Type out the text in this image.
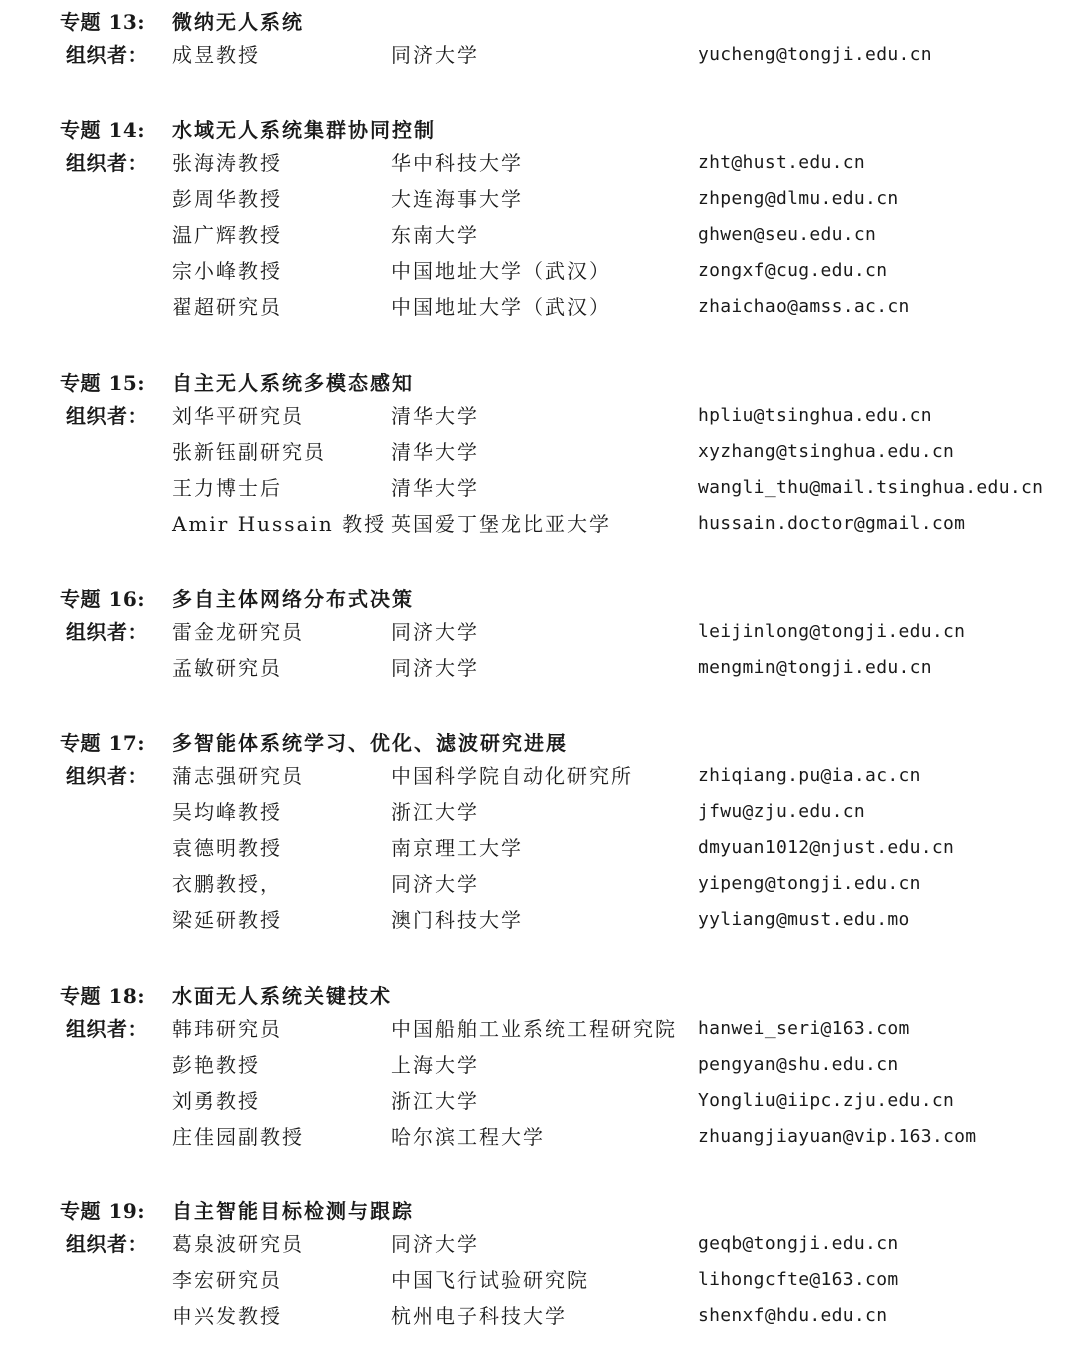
专题 13: 微纳无人系统
组织者： 成昱教授	同济大学	yucheng@tongji.edu.cn
专题 14: 水域无人系统集群协同控制
组织者： 张海涛教授	华中科技大学	zht@hust.edu.cn
彭周华教授	大连海事大学	zhpeng@dlmu.edu.cn
温广辉教授	东南大学	ghwen@seu.edu.cn
宗小峰教授	中国地址大学（武汉）	zongxf@cug.edu.cn
翟超研究员	中国地址大学（武汉）	zhaichao@amss.ac.cn
专题 15: 自主无人系统多模态感知
组织者： 刘华平研究员	清华大学	hpliu@tsinghua.edu.cn
张新钰副研究员	清华大学	xyzhang@tsinghua.edu.cn
王力博士后	清华大学	wangli_thu@mail.tsinghua.edu.cn
Amir Hussain 教授 英国爱丁堡龙比亚大学	hussain.doctor@gmail.com
专题 16: 多自主体网络分布式决策
组织者： 雷金龙研究员	同济大学	leijinlong@tongji.edu.cn
孟敏研究员	同济大学	mengmin@tongji.edu.cn
专题 17: 多智能体系统学习、优化、滤波研究进展
组织者： 蒲志强研究员	中国科学院自动化研究所	zhiqiang.pu@ia.ac.cn
吴均峰教授	浙江大学	jfwu@zju.edu.cn
袁德明教授	南京理工大学	dmyuan1012@njust.edu.cn
衣鹏教授，	同济大学	yipeng@tongji.edu.cn
梁延研教授	澳门科技大学	yyliang@must.edu.mo
专题 18: 水面无人系统关键技术
组织者： 韩玮研究员	中国船舶工业系统工程研究院 hanwei_seri@163.com
彭艳教授	上海大学	pengyan@shu.edu.cn
刘勇教授	浙江大学	Yongliu@iipc.zju.edu.cn
庄佳园副教授	哈尔滨工程大学	zhuangjiayuan@vip.163.com
专题 19: 自主智能目标检测与跟踪
组织者： 葛泉波研究员	同济大学	geqb@tongji.edu.cn
李宏研究员	中国飞行试验研究院	lihongcfte@163.com
申兴发教授	杭州电子科技大学	shenxf@hdu.edu.cn
